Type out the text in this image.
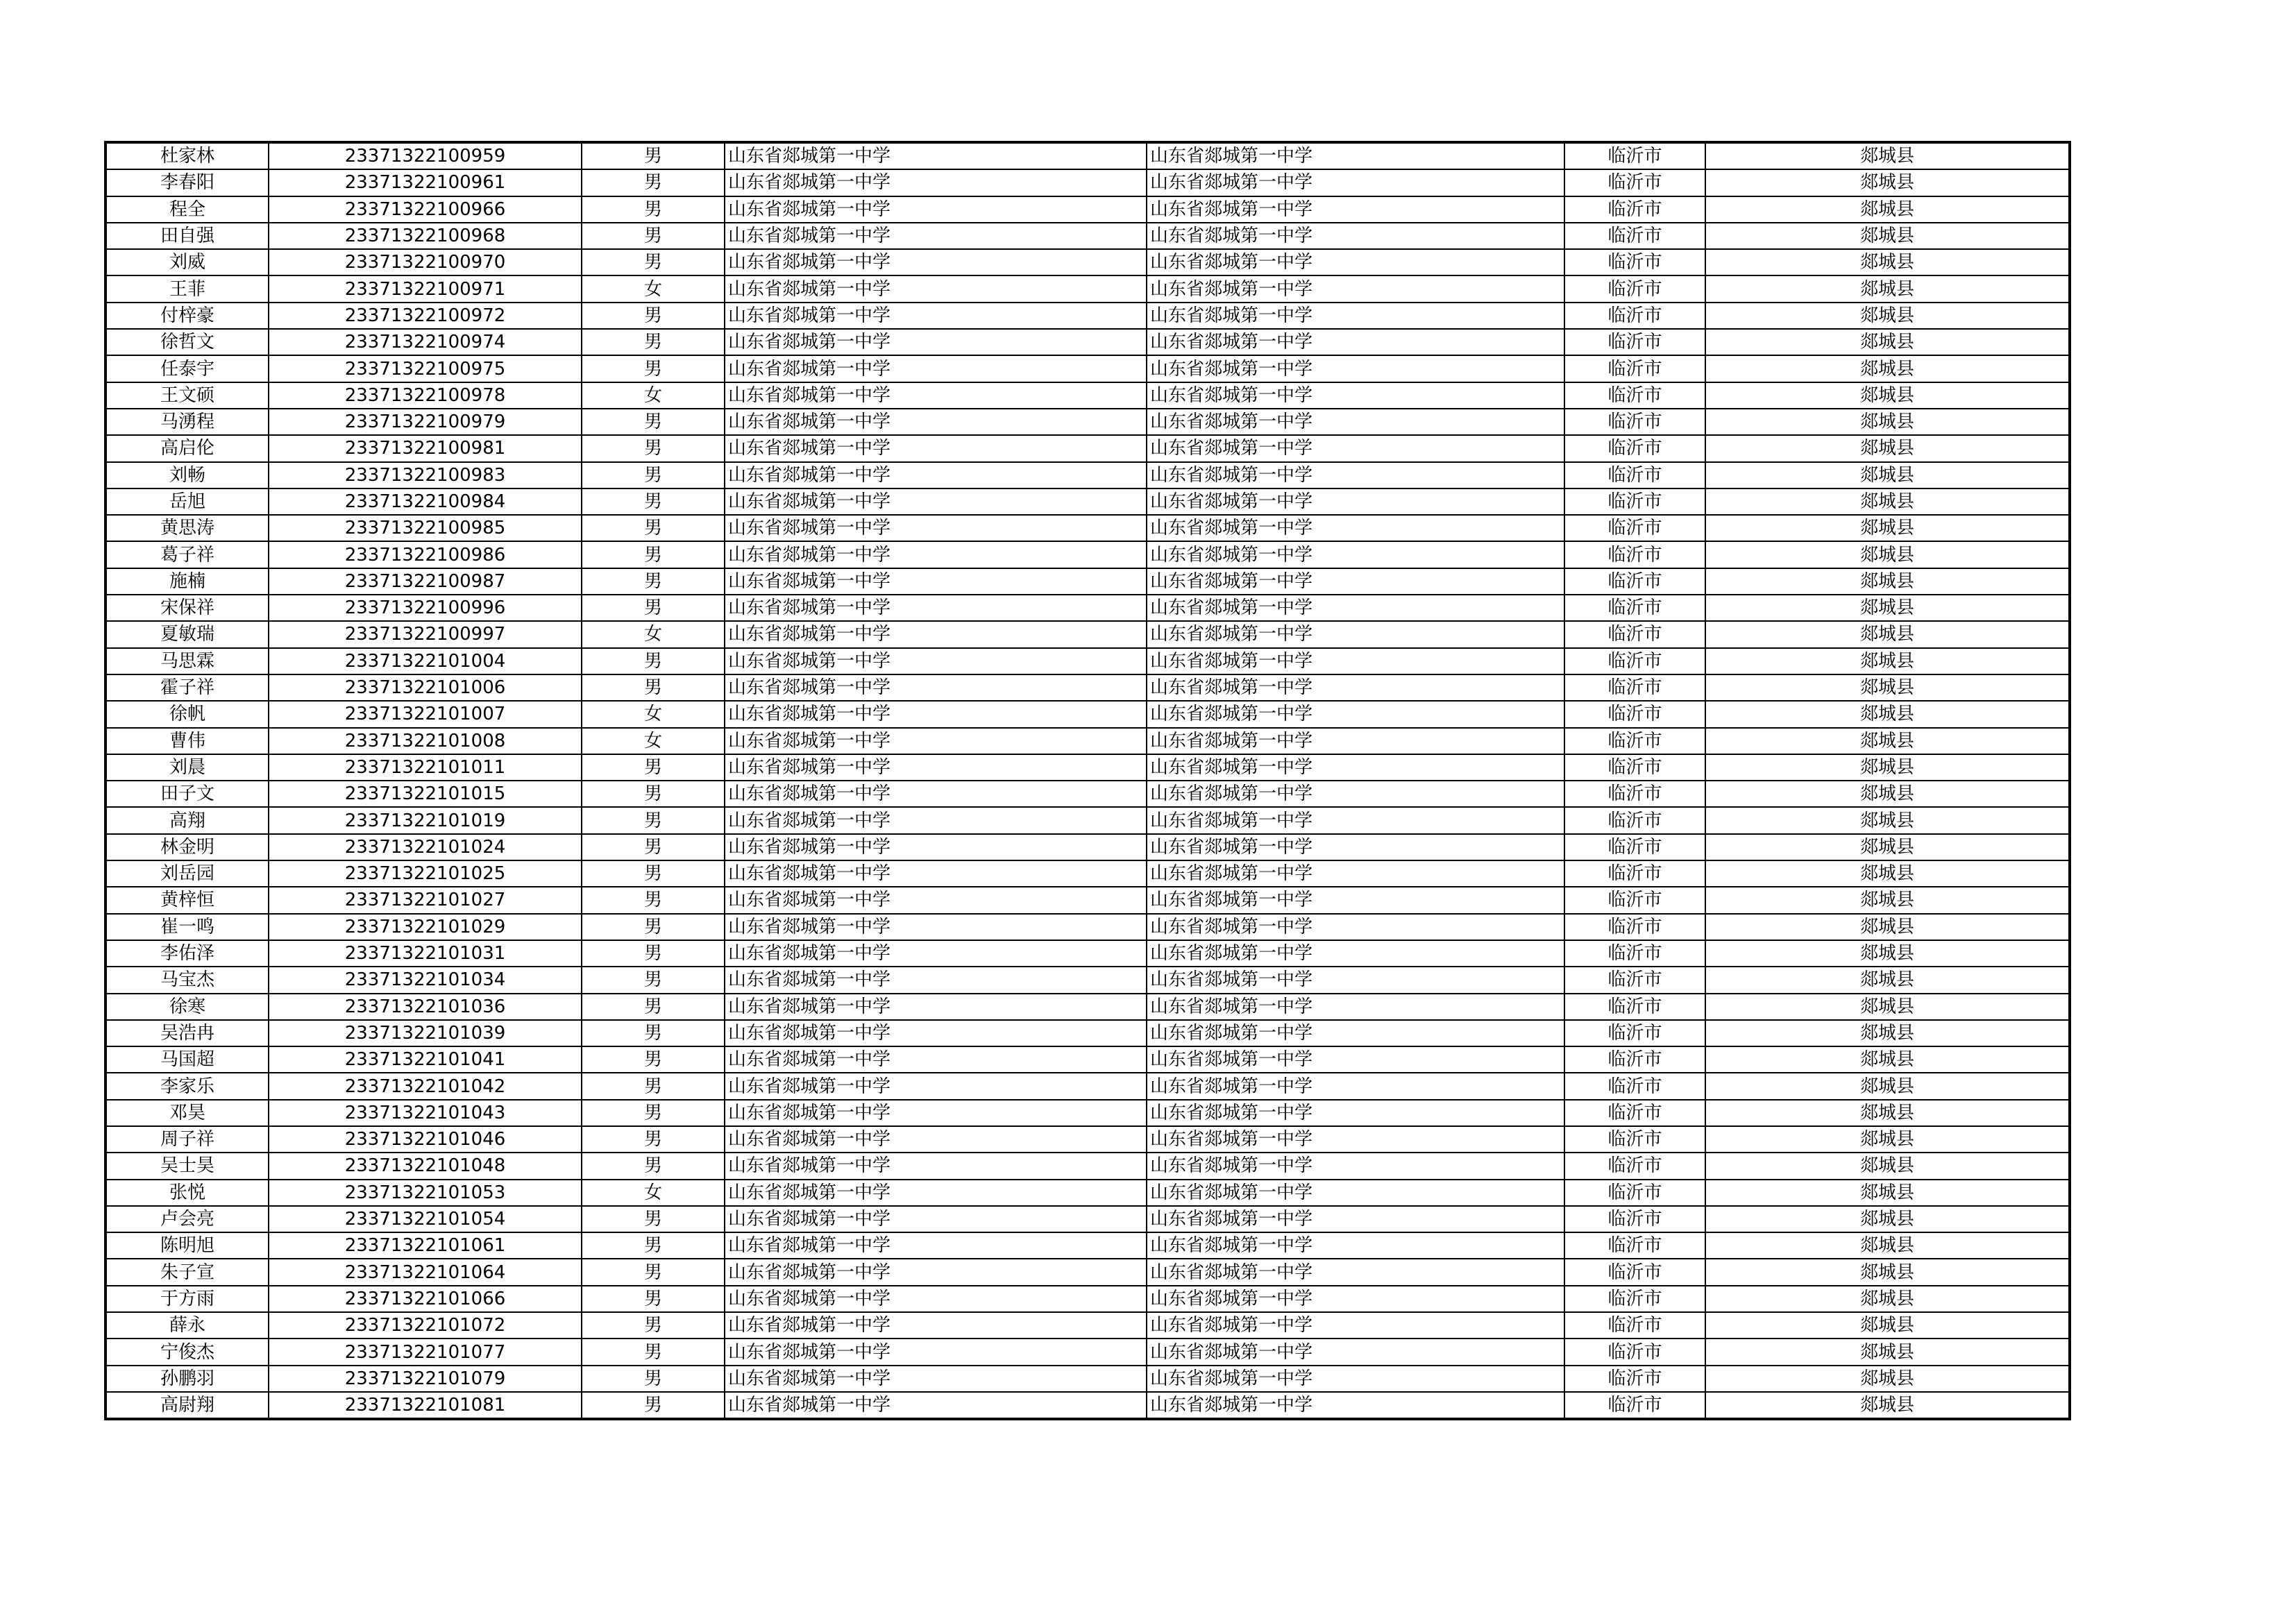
杜家林	23371322100959	男	山东省郯城第一中学	山东省郯城第一中学	临沂市	郯城县
李春阳	23371322100961	男	山东省郯城第一中学	山东省郯城第一中学	临沂市	郯城县
程全	23371322100966	男	山东省郯城第一中学	山东省郯城第一中学	临沂市	郯城县
田自强	23371322100968	男	山东省郯城第一中学	山东省郯城第一中学	临沂市	郯城县
刘威	23371322100970	男	山东省郯城第一中学	山东省郯城第一中学	临沂市	郯城县
王菲	23371322100971	女	山东省郯城第一中学	山东省郯城第一中学	临沂市	郯城县
付梓豪	23371322100972	男	山东省郯城第一中学	山东省郯城第一中学	临沂市	郯城县
徐哲文	23371322100974	男	山东省郯城第一中学	山东省郯城第一中学	临沂市	郯城县
任泰宇	23371322100975	男	山东省郯城第一中学	山东省郯城第一中学	临沂市	郯城县
王文硕	23371322100978	女	山东省郯城第一中学	山东省郯城第一中学	临沂市	郯城县
马湧程	23371322100979	男	山东省郯城第一中学	山东省郯城第一中学	临沂市	郯城县
高启伦	23371322100981	男	山东省郯城第一中学	山东省郯城第一中学	临沂市	郯城县
刘畅	23371322100983	男	山东省郯城第一中学	山东省郯城第一中学	临沂市	郯城县
岳旭	23371322100984	男	山东省郯城第一中学	山东省郯城第一中学	临沂市	郯城县
黄思涛	23371322100985	男	山东省郯城第一中学	山东省郯城第一中学	临沂市	郯城县
葛子祥	23371322100986	男	山东省郯城第一中学	山东省郯城第一中学	临沂市	郯城县
施楠	23371322100987	男	山东省郯城第一中学	山东省郯城第一中学	临沂市	郯城县
宋保祥	23371322100996	男	山东省郯城第一中学	山东省郯城第一中学	临沂市	郯城县
夏敏瑞	23371322100997	女	山东省郯城第一中学	山东省郯城第一中学	临沂市	郯城县
马思霖	23371322101004	男	山东省郯城第一中学	山东省郯城第一中学	临沂市	郯城县
霍子祥	23371322101006	男	山东省郯城第一中学	山东省郯城第一中学	临沂市	郯城县
徐帆	23371322101007	女	山东省郯城第一中学	山东省郯城第一中学	临沂市	郯城县
曹伟	23371322101008	女	山东省郯城第一中学	山东省郯城第一中学	临沂市	郯城县
刘晨	23371322101011	男	山东省郯城第一中学	山东省郯城第一中学	临沂市	郯城县
田子文	23371322101015	男	山东省郯城第一中学	山东省郯城第一中学	临沂市	郯城县
高翔	23371322101019	男	山东省郯城第一中学	山东省郯城第一中学	临沂市	郯城县
林金明	23371322101024	男	山东省郯城第一中学	山东省郯城第一中学	临沂市	郯城县
刘岳园	23371322101025	男	山东省郯城第一中学	山东省郯城第一中学	临沂市	郯城县
黄梓恒	23371322101027	男	山东省郯城第一中学	山东省郯城第一中学	临沂市	郯城县
崔一鸣	23371322101029	男	山东省郯城第一中学	山东省郯城第一中学	临沂市	郯城县
李佑泽	23371322101031	男	山东省郯城第一中学	山东省郯城第一中学	临沂市	郯城县
马宝杰	23371322101034	男	山东省郯城第一中学	山东省郯城第一中学	临沂市	郯城县
徐寒	23371322101036	男	山东省郯城第一中学	山东省郯城第一中学	临沂市	郯城县
吴浩冉	23371322101039	男	山东省郯城第一中学	山东省郯城第一中学	临沂市	郯城县
马国超	23371322101041	男	山东省郯城第一中学	山东省郯城第一中学	临沂市	郯城县
李家乐	23371322101042	男	山东省郯城第一中学	山东省郯城第一中学	临沂市	郯城县
邓昊	23371322101043	男	山东省郯城第一中学	山东省郯城第一中学	临沂市	郯城县
周子祥	23371322101046	男	山东省郯城第一中学	山东省郯城第一中学	临沂市	郯城县
吴士昊	23371322101048	男	山东省郯城第一中学	山东省郯城第一中学	临沂市	郯城县
张悦	23371322101053	女	山东省郯城第一中学	山东省郯城第一中学	临沂市	郯城县
卢会亮	23371322101054	男	山东省郯城第一中学	山东省郯城第一中学	临沂市	郯城县
陈明旭	23371322101061	男	山东省郯城第一中学	山东省郯城第一中学	临沂市	郯城县
朱子宣	23371322101064	男	山东省郯城第一中学	山东省郯城第一中学	临沂市	郯城县
于方雨	23371322101066	男	山东省郯城第一中学	山东省郯城第一中学	临沂市	郯城县
薛永	23371322101072	男	山东省郯城第一中学	山东省郯城第一中学	临沂市	郯城县
宁俊杰	23371322101077	男	山东省郯城第一中学	山东省郯城第一中学	临沂市	郯城县
孙鹏羽	23371322101079	男	山东省郯城第一中学	山东省郯城第一中学	临沂市	郯城县
高尉翔	23371322101081	男	山东省郯城第一中学	山东省郯城第一中学	临沂市	郯城县
